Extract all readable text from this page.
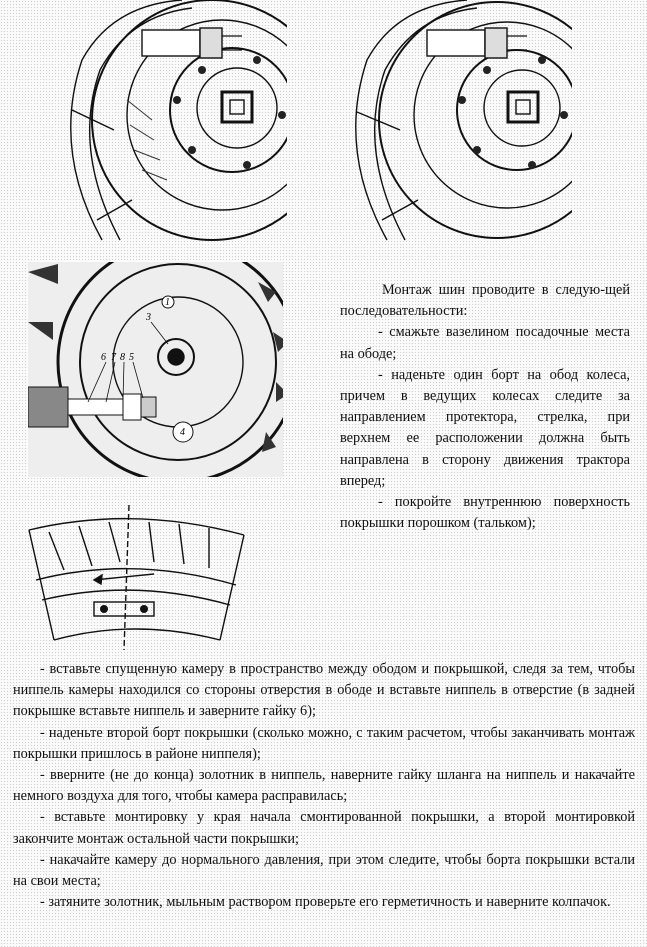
3
6 7 8 5
1
4

Монтаж шин проводите в следую-щей последовательности:

- смажьте вазелином посадочные места на ободе;

- наденьте один борт на обод колеса, причем в ведущих колесах следите за направлением протектора, стрелка, при верхнем ее расположении должна быть направлена в сторону движения трактора вперед;

- покройте внутреннюю поверхность покрышки порошком (тальком);

- вставьте спущенную камеру в пространство между ободом и покрышкой, следя за тем, чтобы ниппель камеры находился со стороны отверстия в ободе и вставьте ниппель в отверстие (в задней покрышке вставьте ниппель и заверните гайку 6);

- наденьте второй борт покрышки (сколько можно, с таким расчетом, чтобы заканчивать монтаж покрышки пришлось в районе ниппеля);

- вверните (не до конца) золотник в ниппель, наверните гайку шланга на ниппель и накачайте немного воздуха для того, чтобы камера расправилась;

- вставьте монтировку у края начала смонтированной покрышки, а второй монтировкой закончите монтаж остальной части покрышки;

- накачайте камеру до нормального давления, при этом следите, чтобы борта покрышки встали на свои места;

- затяните золотник, мыльным раствором проверьте его герметичность и наверните колпачок.
